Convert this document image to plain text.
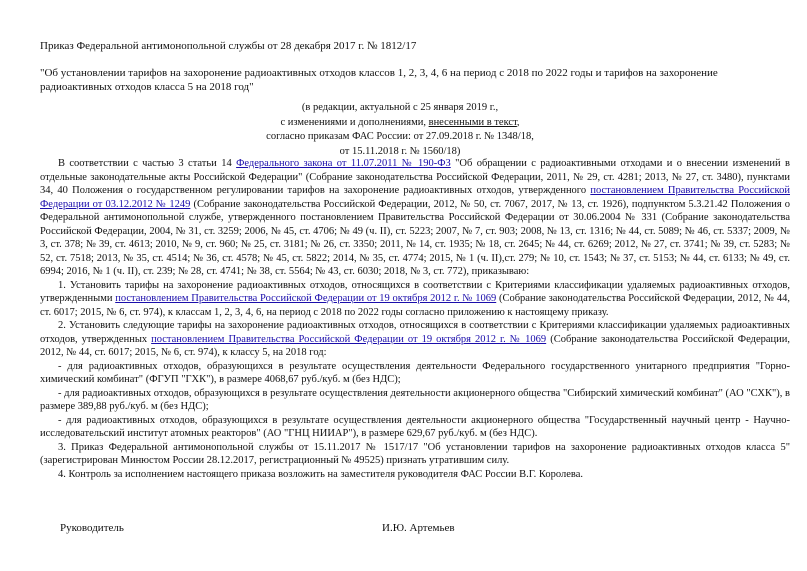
Приказ Федеральной антимонопольной службы от 28 декабря 2017 г. № 1812/17
"Об установлении тарифов на захоронение радиоактивных отходов классов 1, 2, 3, 4, 6 на период с 2018 по 2022 годы и тарифов на захоронение радиоактивных отходов класса 5 на 2018 год"
(в редакции, актуальной с 25 января 2019 г.,
с изменениями и дополнениями, внесенными в текст,
согласно приказам ФАС России: от 27.09.2018 г. № 1348/18,
от 15.11.2018 г. № 1560/18)

В соответствии с частью 3 статьи 14 Федерального закона от 11.07.2011 № 190-ФЗ "Об обращении с радиоактивными отходами и о внесении изменений в отдельные законодательные акты Российской Федерации" (Собрание законодательства Российской Федерации, 2011, № 29, ст. 4281; 2013, № 27, ст. 3480), пунктами 34, 40 Положения о государственном регулировании тарифов на захоронение радиоактивных отходов, утвержденного постановлением Правительства Российской Федерации от 03.12.2012 № 1249 (Собрание законодательства Российской Федерации, 2012, № 50, ст. 7067, 2017, № 13, ст. 1926), подпунктом 5.3.21.42 Положения о Федеральной антимонопольной службе, утвержденного постановлением Правительства Российской Федерации от 30.06.2004 № 331 (Собрание законодательства Российской Федерации, 2004, № 31, ст. 3259; 2006, № 45, ст. 4706; № 49 (ч. II), ст. 5223; 2007, № 7, ст. 903; 2008, № 13, ст. 1316; № 44, ст. 5089; № 46, ст. 5337; 2009, № 3, ст. 378; № 39, ст. 4613; 2010, № 9, ст. 960; № 25, ст. 3181; № 26, ст. 3350; 2011, № 14, ст. 1935; № 18, ст. 2645; № 44, ст. 6269; 2012, № 27, ст. 3741; № 39, ст. 5283; № 52, ст. 7518; 2013, № 35, ст. 4514; № 36, ст. 4578; № 45, ст. 5822; 2014, № 35, ст. 4774; 2015, № 1 (ч. II),ст. 279; № 10, ст. 1543; № 37, ст. 5153; № 44, ст. 6133; № 49, ст. 6994; 2016, № 1 (ч. II), ст. 239; № 28, ст. 4741; № 38, ст. 5564; № 43, ст. 6030; 2018, № 3, ст. 772), приказываю:

1. Установить тарифы на захоронение радиоактивных отходов, относящихся в соответствии с Критериями классификации удаляемых радиоактивных отходов, утвержденными постановлением Правительства Российской Федерации от 19 октября 2012 г. № 1069 (Собрание законодательства Российской Федерации, 2012, № 44, ст. 6017; 2015, № 6, ст. 974), к классам 1, 2, 3, 4, 6, на период с 2018 по 2022 годы согласно приложению к настоящему приказу.

2. Установить следующие тарифы на захоронение радиоактивных отходов, относящихся в соответствии с Критериями классификации удаляемых радиоактивных отходов, утвержденных постановлением Правительства Российской Федерации от 19 октября 2012 г. № 1069 (Собрание законодательства Российской Федерации, 2012, № 44, ст. 6017; 2015, № 6, ст. 974), к классу 5, на 2018 год:

- для радиоактивных отходов, образующихся в результате осуществления деятельности Федерального государственного унитарного предприятия "Горно-химический комбинат" (ФГУП "ГХК"), в размере 4068,67 руб./куб. м (без НДС);

- для радиоактивных отходов, образующихся в результате осуществления деятельности акционерного общества "Сибирский химический комбинат" (АО "СХК"), в размере 389,88 руб./куб. м (без НДС);

- для радиоактивных отходов, образующихся в результате осуществления деятельности акционерного общества "Государственный научный центр - Научно-исследовательский институт атомных реакторов" (АО "ГНЦ НИИАР"), в размере 629,67 руб./куб. м (без НДС).

3. Приказ Федеральной антимонопольной службы от 15.11.2017 № 1517/17 "Об установлении тарифов на захоронение радиоактивных отходов класса 5" (зарегистрирован Минюстом России 28.12.2017, регистрационный № 49525) признать утратившим силу.

4. Контроль за исполнением настоящего приказа возложить на заместителя руководителя ФАС России В.Г. Королева.

Руководитель	И.Ю. Артемьев
